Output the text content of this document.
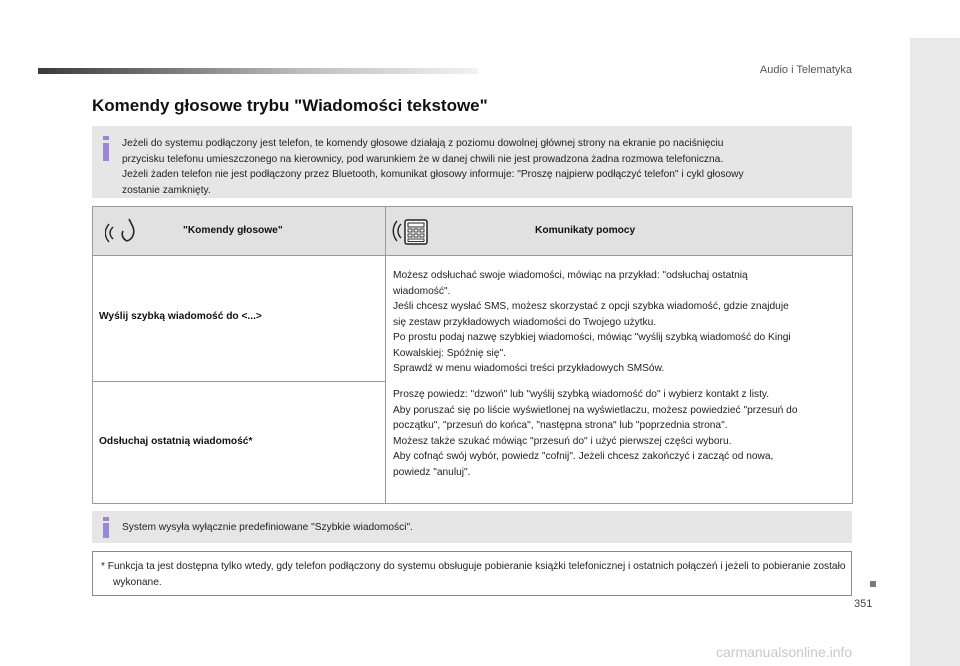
Audio i Telematyka
351
Komendy głosowe trybu "Wiadomości tekstowe"
Jeżeli do systemu podłączony jest telefon, te komendy głosowe działają z poziomu dowolnej głównej strony na ekranie po naciśnięciu
przycisku telefonu umieszczonego na kierownicy, pod warunkiem że w danej chwili nie jest prowadzona żadna rozmowa telefoniczna.
Jeżeli żaden telefon nie jest podłączony przez Bluetooth, komunikat głosowy informuje: "Proszę najpierw podłączyć telefon" i cykl głosowy
zostanie zamknięty.
"Komendy głosowe"	Komunikaty pomocy
Wyślij szybką wiadomość do <...>
Odsłuchaj ostatnią wiadomość*
Możesz odsłuchać swoje wiadomości, mówiąc na przykład: "odsłuchaj ostatnią
wiadomość".
Jeśli chcesz wysłać SMS, możesz skorzystać z opcji szybka wiadomość, gdzie znajduje
się zestaw przykładowych wiadomości do Twojego użytku.
Po prostu podaj nazwę szybkiej wiadomości, mówiąc "wyślij szybką wiadomość do Kingi
Kowalskiej: Spóźnię się".
Sprawdź w menu wiadomości treści przykładowych SMSów.
Proszę powiedz: "dzwoń" lub "wyślij szybką wiadomość do" i wybierz kontakt z listy.
Aby poruszać się po liście wyświetlonej na wyświetlaczu, możesz powiedzieć "przesuń do
początku", "przesuń do końca", "następna strona" lub "poprzednia strona".
Możesz także szukać mówiąc "przesuń do" i użyć pierwszej części wyboru.
Aby cofnąć swój wybór, powiedz "cofnij". Jeżeli chcesz zakończyć i zacząć od nowa,
powiedz "anuluj".
System wysyła wyłącznie predefiniowane "Szybkie wiadomości".
* Funkcja ta jest dostępna tylko wtedy, gdy telefon podłączony do systemu obsługuje pobieranie książki telefonicznej i ostatnich połączeń i jeżeli to pobieranie zostało wykonane.
carmanualsonline.info
